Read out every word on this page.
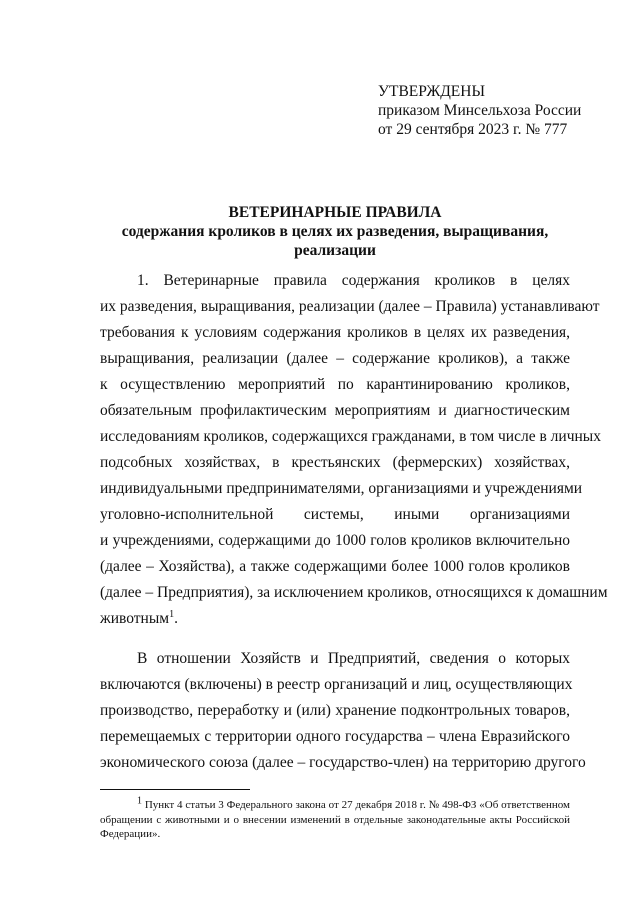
УТВЕРЖДЕНЫ
приказом Минсельхоза России
от 29 сентября 2023 г. № 777
ВЕТЕРИНАРНЫЕ ПРАВИЛА
содержания кроликов в целях их разведения, выращивания,
реализации
1. Ветеринарные правила содержания кроликов в целях
их разведения, выращивания, реализации (далее – Правила) устанавливают
требования к условиям содержания кроликов в целях их разведения,
выращивания, реализации (далее – содержание кроликов), а также
к осуществлению мероприятий по карантинированию кроликов,
обязательным профилактическим мероприятиям и диагностическим
исследованиям кроликов, содержащихся гражданами, в том числе в личных
подсобных хозяйствах, в крестьянских (фермерских) хозяйствах,
индивидуальными предпринимателями, организациями и учреждениями
уголовно-исполнительной системы, иными организациями
и учреждениями, содержащими до 1000 голов кроликов включительно
(далее – Хозяйства), а также содержащими более 1000 голов кроликов
(далее – Предприятия), за исключением кроликов, относящихся к домашним
животным$^1$.
В отношении Хозяйств и Предприятий, сведения о которых
включаются (включены) в реестр организаций и лиц, осуществляющих
производство, переработку и (или) хранение подконтрольных товаров,
перемещаемых с территории одного государства – члена Евразийского
экономического союза (далее – государство-член) на территорию другого
$^1$ Пункт 4 статьи 3 Федерального закона от 27 декабря 2018 г. № 498-ФЗ «Об ответственном
обращении с животными и о внесении изменений в отдельные законодательные акты Российской
Федерации».
